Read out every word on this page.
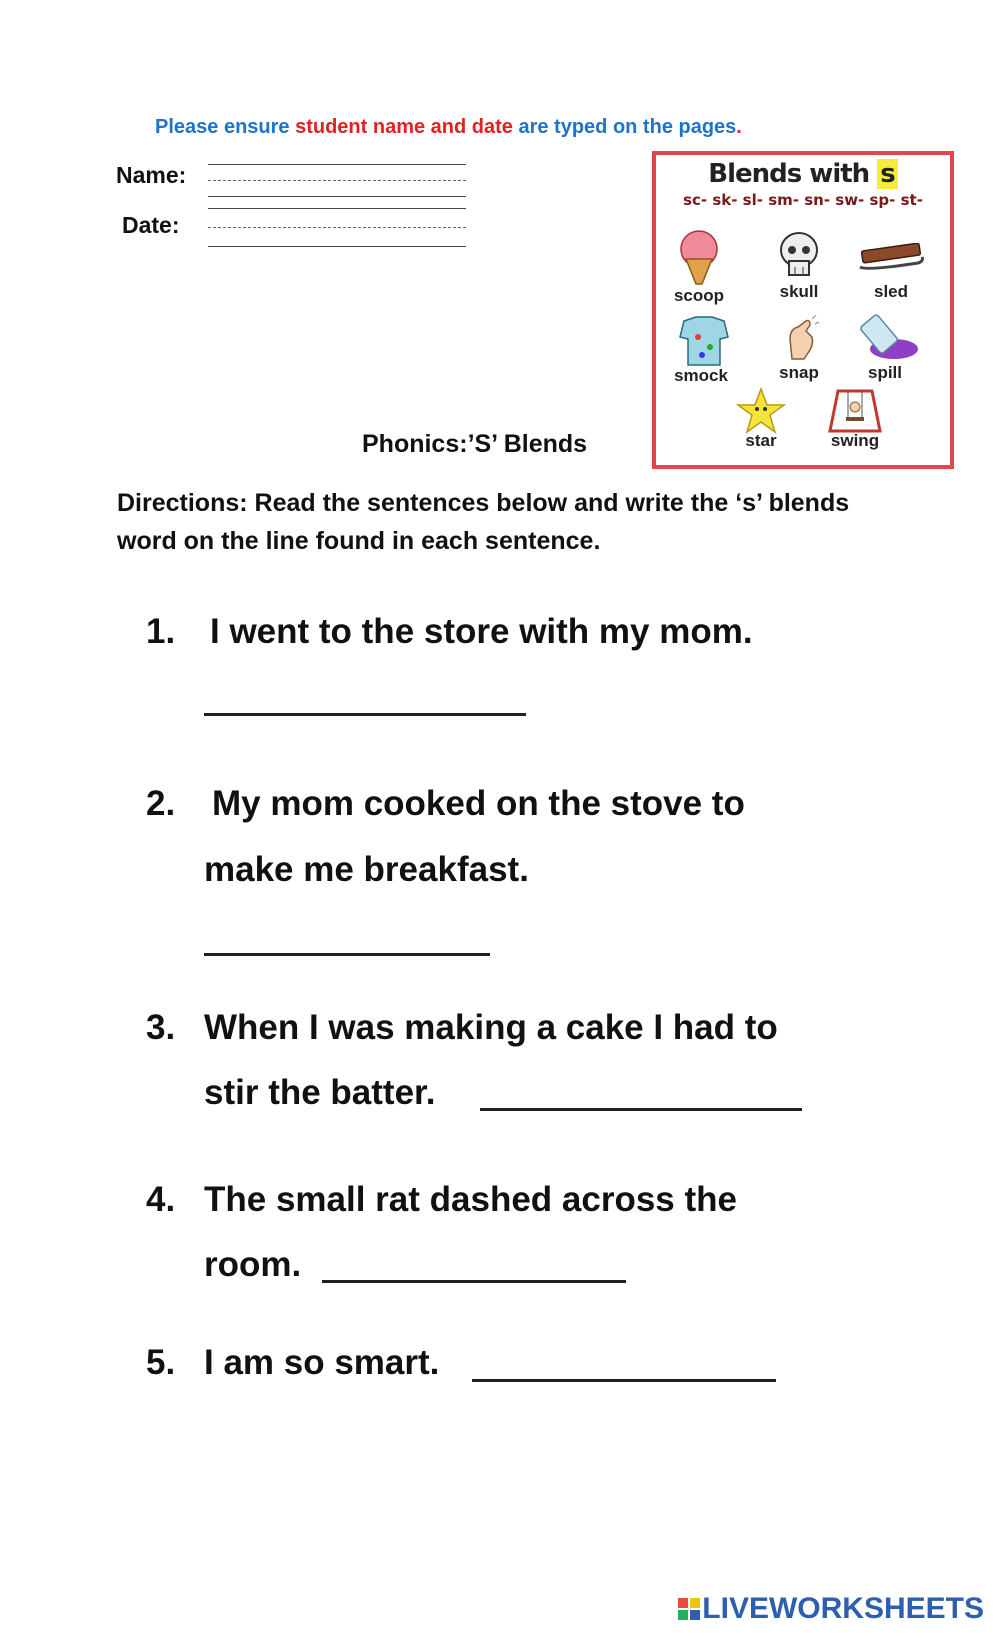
Please ensure student name and date are typed on the pages.
Name:
Date:
Blends with s
sc- sk- sl- sm- sn- sw- sp- st-
scoop	skull	sled
smock	snap	spill
star	swing
Phonics:’S’ Blends
Directions: Read the sentences below and write the ‘s’ blends word on the line found in each sentence.
1. I went to the store with my mom.
2. My mom cooked on the stove to
make me breakfast.
3. When I was making a cake I had to
stir the batter.
4. The small rat dashed across the
room.
5. I am so smart.
LIVEWORKSHEETS
